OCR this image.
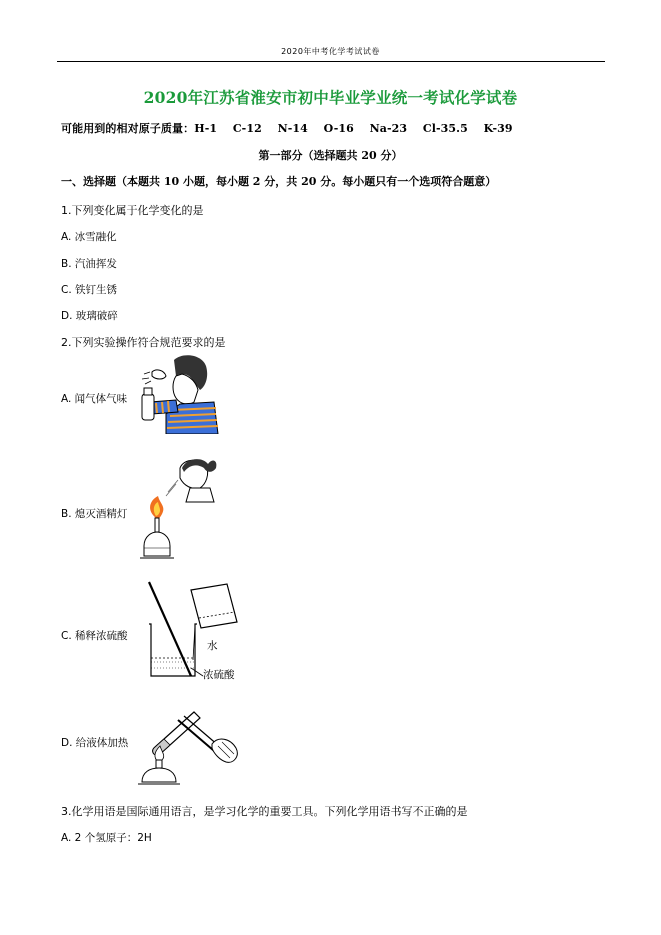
2020年中考化学考试试卷
2020年江苏省淮安市初中毕业学业统一考试化学试卷
可能用到的相对原子质量：H-1    C-12    N-14    O-16    Na-23    Cl-35.5    K-39
第一部分（选择题共 20 分）
一、选择题（本题共 10 小题，每小题 2 分，共 20 分。每小题只有一个选项符合题意）
1.下列变化属于化学变化的是
A. 冰雪融化
B. 汽油挥发
C. 铁钉生锈
D. 玻璃破碎
2.下列实验操作符合规范要求的是
A. 闻气体气味
B. 熄灭酒精灯
C. 稀释浓硫酸
水
浓硫酸
D. 给液体加热
3.化学用语是国际通用语言，是学习化学的重要工具。下列化学用语书写不正确的是
A. 2 个氢原子：2H
